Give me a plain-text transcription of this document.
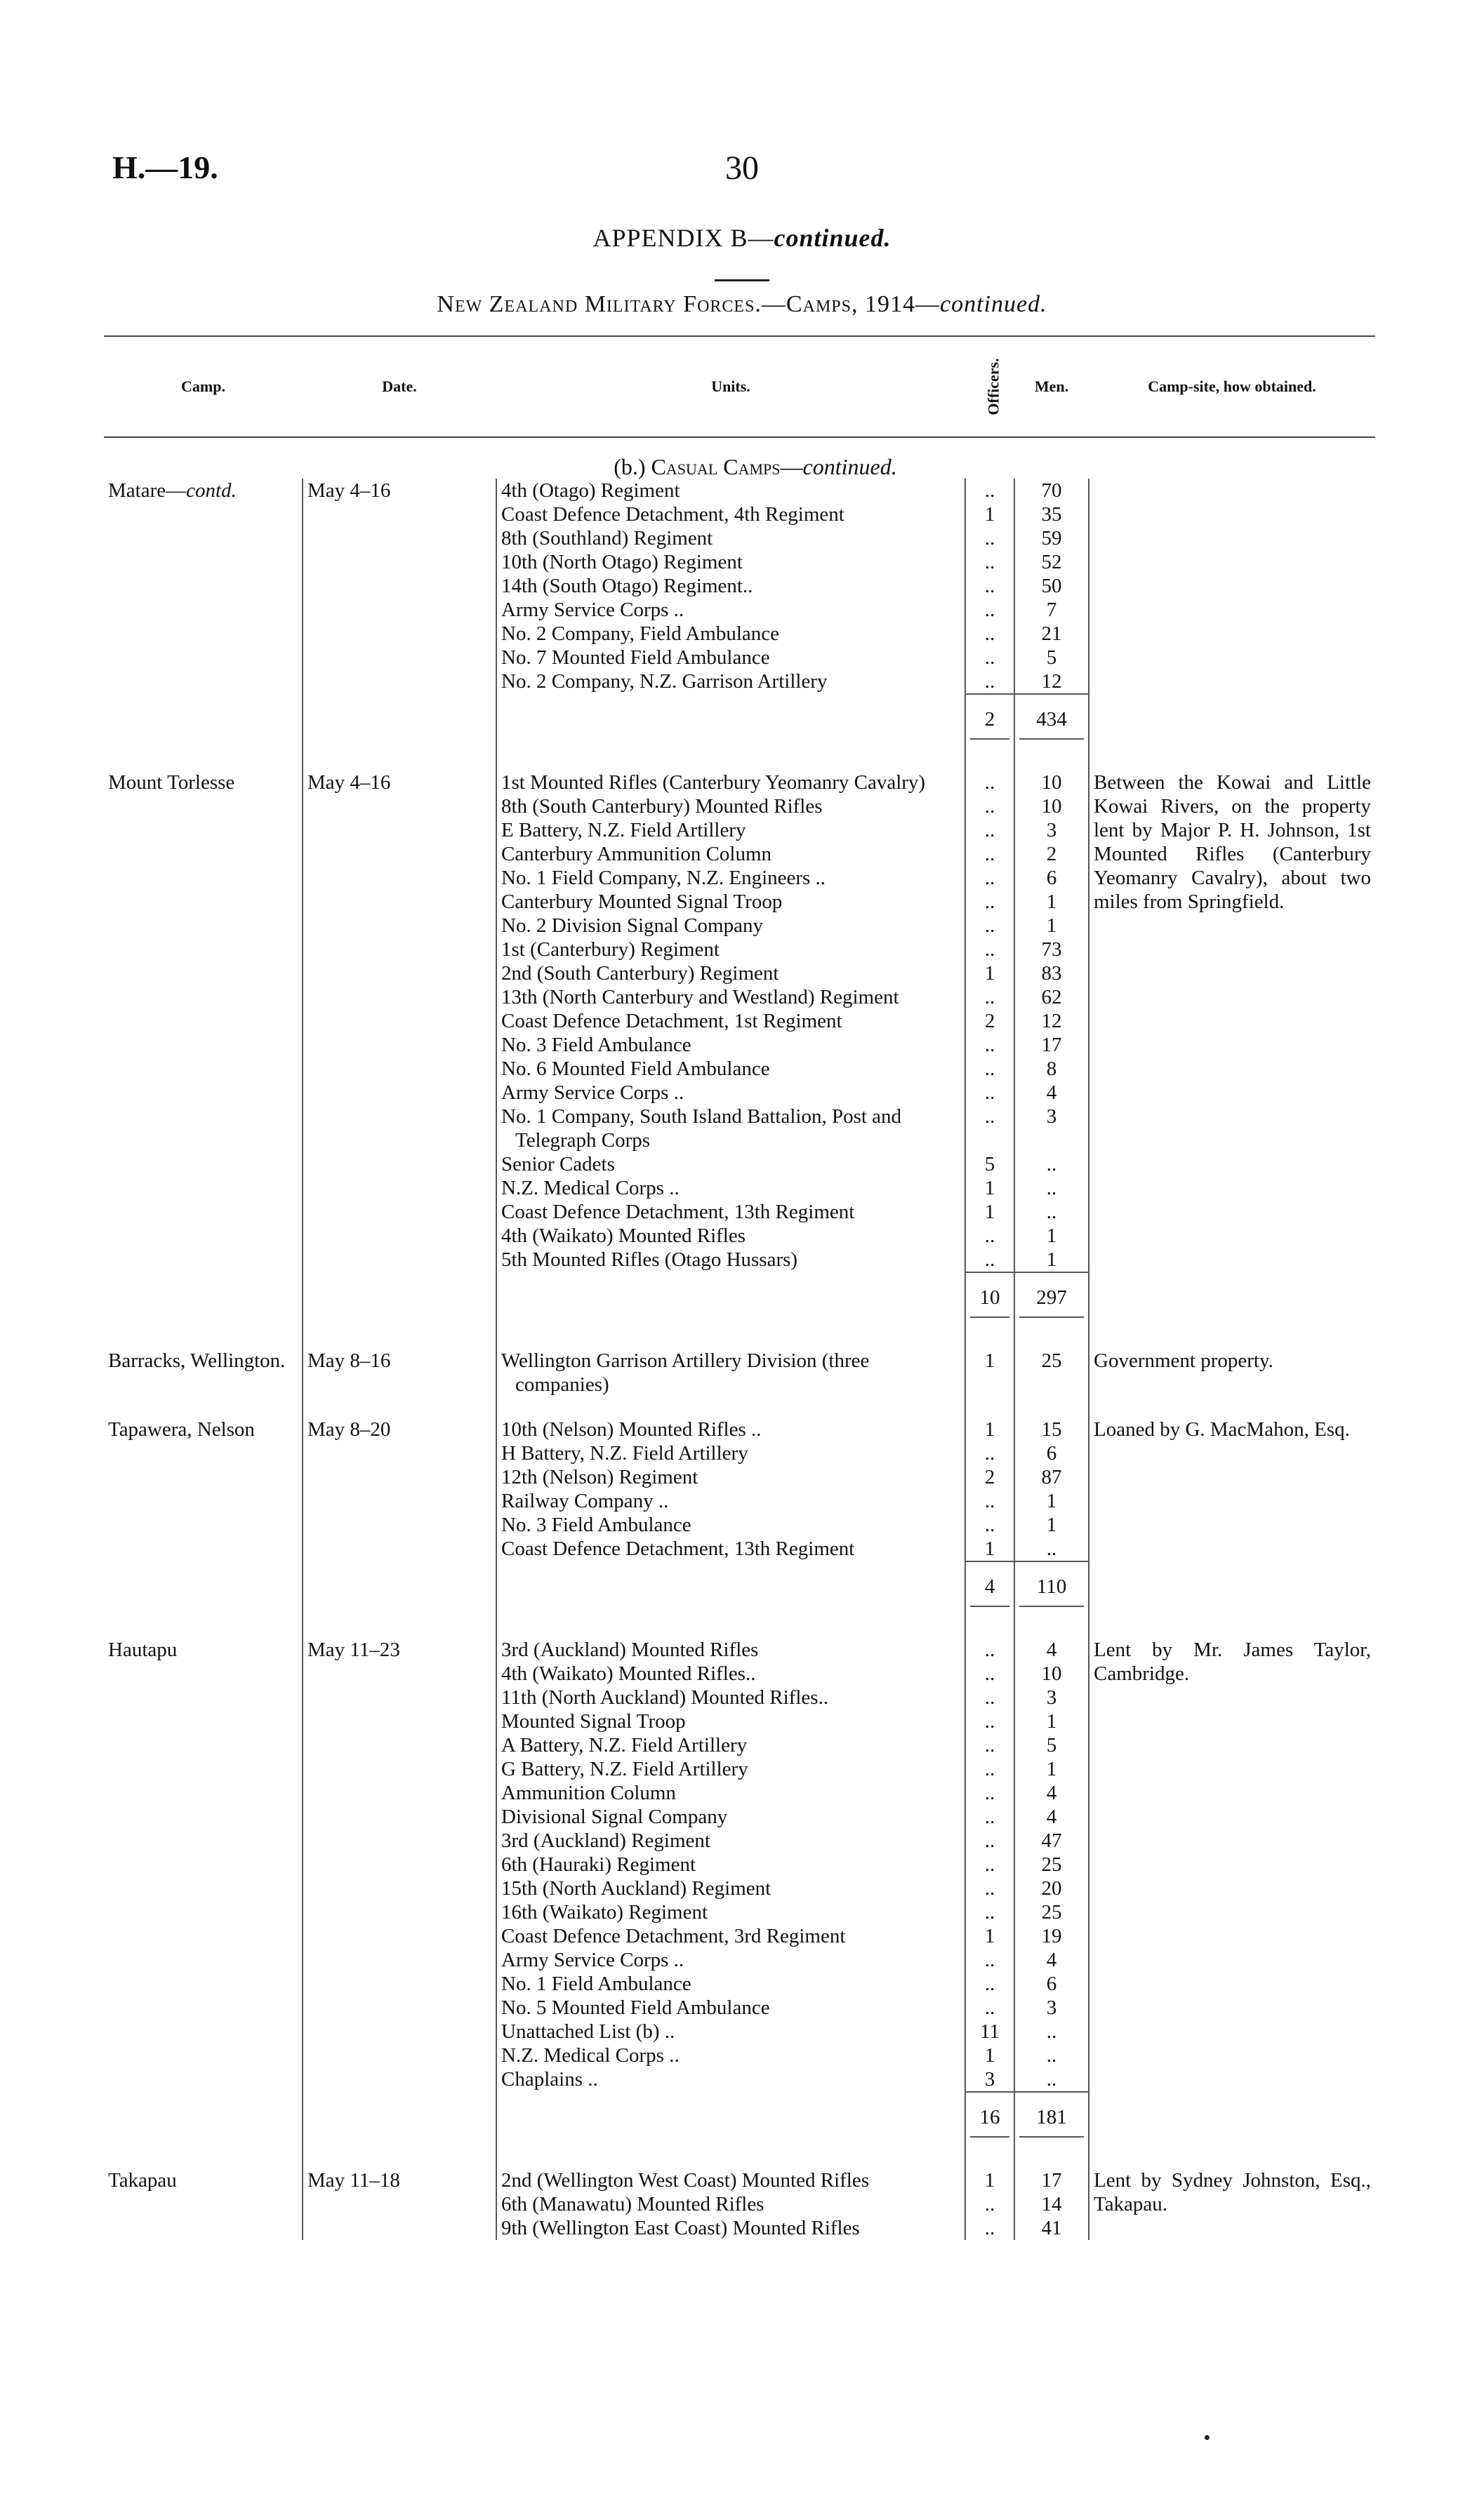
H.—19.	30
APPENDIX B—continued.
New Zealand Military Forces.—Camps, 1914—continued.
Camp.	Date.	Units.	Officers.	Men.	Camp-site, how obtained.

		(b.) Casual Camps—continued.			

Matare—contd.	May 4–16	4th (Otago) Regiment	..	70	

		Coast Defence Detachment, 4th Regiment	1	35	

		8th (Southland) Regiment	..	59	

		10th (North Otago) Regiment	..	52	

		14th (South Otago) Regiment..	..	50	

		Army Service Corps ..	..	7	

		No. 2 Company, Field Ambulance	..	21	

		No. 7 Mounted Field Ambulance	..	5	

		No. 2 Company, N.Z. Garrison Artillery	..	12	

			2	434	

Mount Torlesse	May 4–16	1st Mounted Rifles (Canterbury Yeomanry Cavalry)	..	10	Between the Kowai and Little Kowai Rivers, on the property lent by Major P. H. Johnson, 1st Mounted Rifles (Canterbury Yeomanry Cavalry), about two miles from Springfield.

		8th (South Canterbury) Mounted Rifles	..	10	

		E Battery, N.Z. Field Artillery	..	3	

		Canterbury Ammunition Column	..	2	

		No. 1 Field Company, N.Z. Engineers ..	..	6	

		Canterbury Mounted Signal Troop	..	1	

		No. 2 Division Signal Company	..	1	

		1st (Canterbury) Regiment	..	73	

		2nd (South Canterbury) Regiment	1	83	

		13th (North Canterbury and Westland) Regiment	..	62	

		Coast Defence Detachment, 1st Regiment	2	12	

		No. 3 Field Ambulance	..	17	

		No. 6 Mounted Field Ambulance	..	8	

		Army Service Corps ..	..	4	

		No. 1 Company, South Island Battalion, Post and Telegraph Corps	..	3	

		Senior Cadets	5	..	

		N.Z. Medical Corps ..	1	..	

		Coast Defence Detachment, 13th Regiment	1	..	

		4th (Waikato) Mounted Rifles	..	1	

		5th Mounted Rifles (Otago Hussars)	..	1	

			10	297	

Barracks, Wellington.	May 8–16	Wellington Garrison Artillery Division (three companies)	1	25	Government property.

Tapawera, Nelson	May 8–20	10th (Nelson) Mounted Rifles ..	1	15	Loaned by G. MacMahon, Esq.

		H Battery, N.Z. Field Artillery	..	6	

		12th (Nelson) Regiment	2	87	

		Railway Company ..	..	1	

		No. 3 Field Ambulance	..	1	

		Coast Defence Detachment, 13th Regiment	1	..	

			4	110	

Hautapu	May 11–23	3rd (Auckland) Mounted Rifles	..	4	Lent by Mr. James Taylor, Cambridge.

		4th (Waikato) Mounted Rifles..	..	10	

		11th (North Auckland) Mounted Rifles..	..	3	

		Mounted Signal Troop	..	1	

		A Battery, N.Z. Field Artillery	..	5	

		G Battery, N.Z. Field Artillery	..	1	

		Ammunition Column	..	4	

		Divisional Signal Company	..	4	

		3rd (Auckland) Regiment	..	47	

		6th (Hauraki) Regiment	..	25	

		15th (North Auckland) Regiment	..	20	

		16th (Waikato) Regiment	..	25	

		Coast Defence Detachment, 3rd Regiment	1	19	

		Army Service Corps ..	..	4	

		No. 1 Field Ambulance	..	6	

		No. 5 Mounted Field Ambulance	..	3	

		Unattached List (b) ..	11	..	

		N.Z. Medical Corps ..	1	..	

		Chaplains ..	3	..	

			16	181	

Takapau	May 11–18	2nd (Wellington West Coast) Mounted Rifles	1	17	Lent by Sydney Johnston, Esq., Takapau.

		6th (Manawatu) Mounted Rifles	..	14	

		9th (Wellington East Coast) Mounted Rifles	..	41	
